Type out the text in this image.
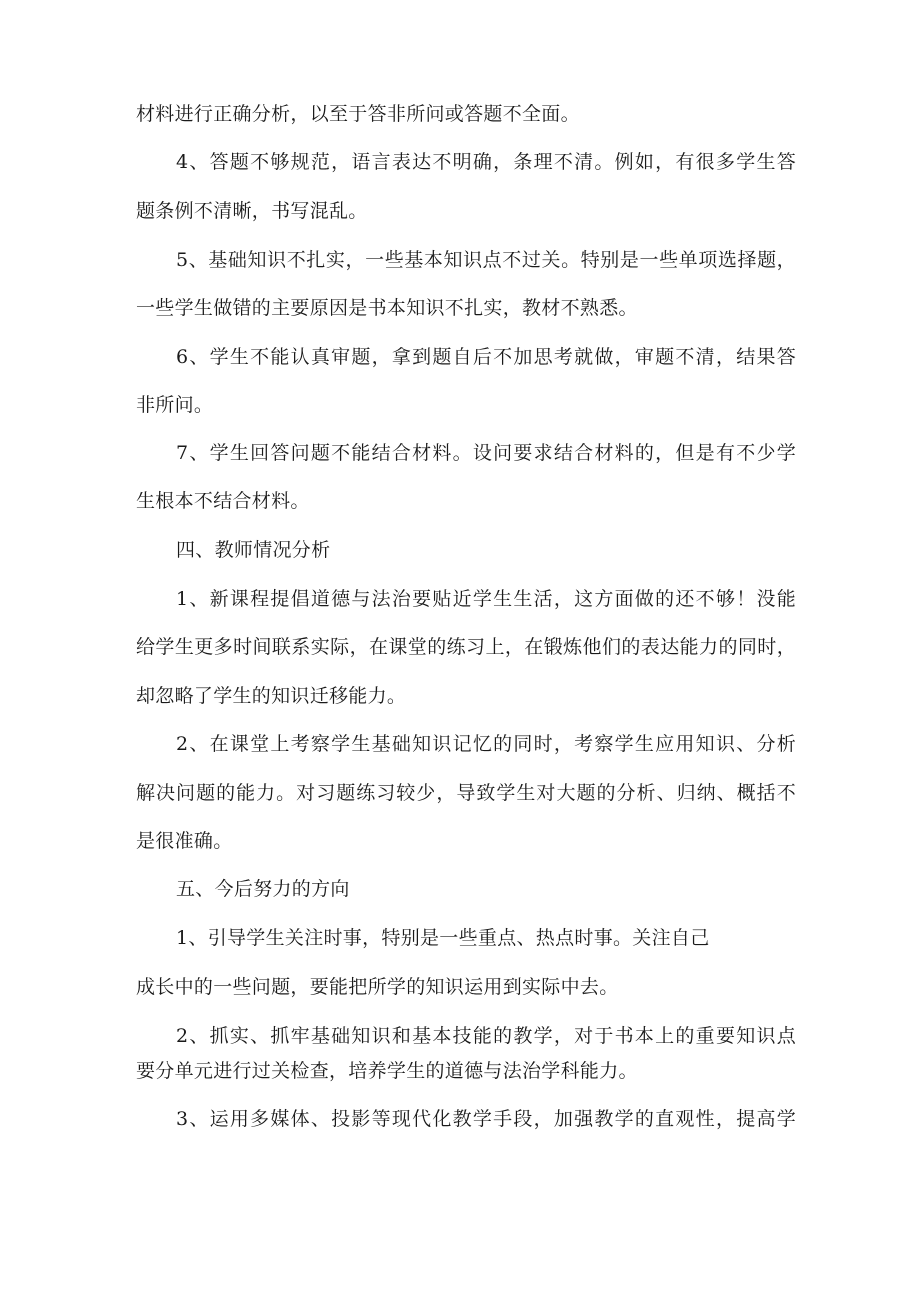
材料进行正确分析，以至于答非所问或答题不全面。
4、答题不够规范，语言表达不明确，条理不清。例如，有很多学生答
题条例不清晰，书写混乱。
5、基础知识不扎实，一些基本知识点不过关。特别是一些单项选择题，
一些学生做错的主要原因是书本知识不扎实，教材不熟悉。
6、学生不能认真审题，拿到题自后不加思考就做，审题不清，结果答
非所问。
7、学生回答问题不能结合材料。设问要求结合材料的，但是有不少学
生根本不结合材料。
四、教师情况分析
1、新课程提倡道德与法治要贴近学生生活，这方面做的还不够！没能
给学生更多时间联系实际，在课堂的练习上，在锻炼他们的表达能力的同时，
却忽略了学生的知识迁移能力。
2、在课堂上考察学生基础知识记忆的同时，考察学生应用知识、分析
解决问题的能力。对习题练习较少，导致学生对大题的分析、归纳、概括不
是很准确。
五、今后努力的方向
1、引导学生关注时事，特别是一些重点、热点时事。关注自己
成长中的一些问题，要能把所学的知识运用到实际中去。
2、抓实、抓牢基础知识和基本技能的教学，对于书本上的重要知识点
要分单元进行过关检查，培养学生的道德与法治学科能力。
3、运用多媒体、投影等现代化教学手段，加强教学的直观性，提高学
